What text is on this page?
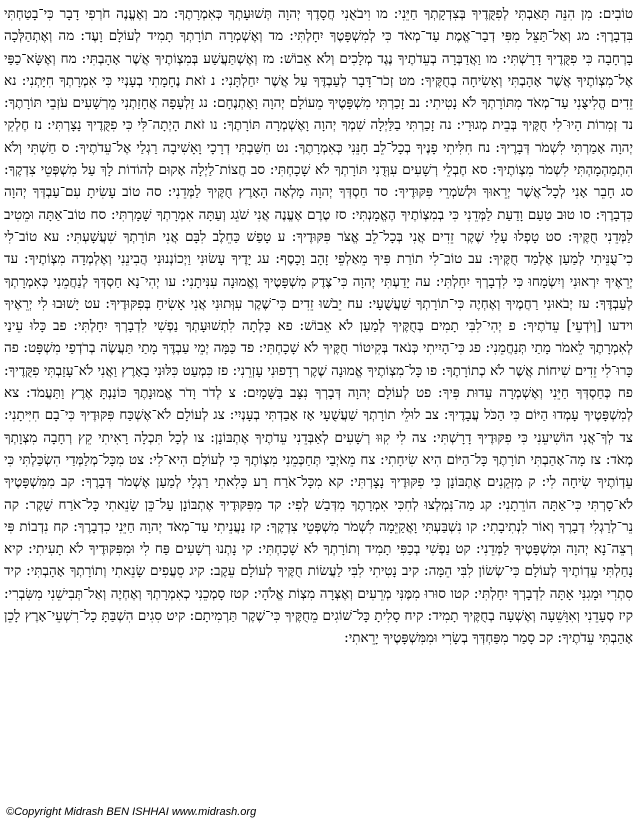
טוֹבִים: מִן הִנֵּה תָּאַבְתִּי לְפִקֻּדֶיךָ בְּצִדְקָתְךָ חַיֵּנִי: מו וִיבֹאֻנִי חֲסָדֶךָ יְהוָה תְּשׁוּעָתְךָ כְּאִמְרָתֶךָ: מב וְאֶעֱנֶה חֹרְפִי דָבָר כִּי־בָטַחְתִּי בִּדְבָרֶךָ: מג וְאַל־תַּצֵּל מִפִּי דְבַר־אֱמֶת עַד־מְאֹד כִּי לְמִשְׁפָּטֶךָ יִחָלְתִּי: מד וְאֶשְׁמְרָה תוֹרָתְךָ תָמִיד לְעוֹלָם וָעֶד: מה וְאֶתְהַלְּכָה בָרְחָבָה כִּי פִקֻּדֶיךָ דָרָשְׁתִּי: מו וַאֲדַבְּרָה בְעֵדֹתֶיךָ נֶגֶד מְלָכִים וְלֹא אֵבוֹשׁ: מז וְאֶשְׁתַּעֲשַׁע בְּמִצְוֹתֶיךָ אֲשֶׁר אָהָבְתִּי: מח וְאֶשָּׂא־כַפַּי אֶל־מִצְוֹתֶיךָ אֲשֶׁר אָהָבְתִּי וְאָשִׂיחָה בְחֻקֶּיךָ: מט זְכֹר־דָּבָר לְעַבְדֶּךָ עַל אֲשֶׁר יִחַלְתָּנִי: נ זֹאת נֶחָמָתִי בְעָנְיִי כִּי אִמְרָתְךָ חִיָּתְנִי: נא זֵדִים הֱלִיצֻנִי עַד־מְאֹד מִתּוֹרָתְךָ לֹא נָטִיתִי: נב זָכַרְתִּי מִשְׁפָּטֶיךָ מֵעוֹלָם יְהוָה וָאֶתְנֶחָם: נג זַלְעָפָה אֲחָזַתְנִי מֵרְשָׁעִים עֹזְבֵי תּוֹרָתֶךָ: נד זְמִרוֹת הָיוּ־לִי חֻקֶּיךָ בְּבֵית מְגוּרָי: נה זָכַרְתִּי בַלַּיְלָה שִׁמְךָ יְהוָה וָאֶשְׁמְרָה תּוֹרָתֶךָ: נו זֹאת הָיְתָה־לִּי כִּי פִקֻּדֶיךָ נָצָרְתִּי: נז חֶלְקִי יְהוָה אָמַרְתִּי לִשְׁמֹר דְּבָרֶיךָ: נח חִלִּיתִי פָנֶיךָ בְכָל־לֵב חָנֵּנִי כְּאִמְרָתֶךָ: נט חִשַּׁבְתִּי דְרָכָי וָאָשִׁיבָה רַגְלַי אֶל־עֵדֹתֶיךָ: ס חַשְׁתִּי וְלֹא הִתְמַהְמָהְתִּי לִשְׁמֹר מִצְוֹתֶיךָ: סא חֶבְלֵי רְשָׁעִים עִוְּדֻנִי תּוֹרָתְךָ לֹא שָׁכָחְתִּי: סב חֲצוֹת־לַיְלָה אָקוּם לְהוֹדוֹת לָךְ עַל מִשְׁפְּטֵי צִדְקֶךָ: סג חָבֵר אָנִי לְכָל־אֲשֶׁר יְרֵאוּךָ וּלְשֹׁמְרֵי פִּקּוּדֶיךָ: סד חַסְדְּךָ יְהוָה מָלְאָה הָאָרֶץ חֻקֶּיךָ לַמְּדֵנִי: סה טוֹב עָשִׂיתָ עִם־עַבְדְּךָ יְהוָה כִּדְבָרֶךָ: סו טוּב טַעַם וָדַעַת לַמְּדֵנִי כִּי בְמִצְוֹתֶיךָ הֶאֱמָנְתִּי: סז טֶרֶם אֶעֱנֶה אֲנִי שֹׁגֵג וְעַתָּה אִמְרָתְךָ שָׁמָרְתִּי: סח טוֹב־אַתָּה וּמֵטִיב לַמְּדֵנִי חֻקֶּיךָ: סט טָפְלוּ עָלַי שֶׁקֶר זֵדִים אֲנִי בְּכָל־לֵב אֱצֹּר פִּקּוּדֶיךָ: ע טָפַשׁ כַּחֵלֶב לִבָּם אֲנִי תּוֹרָתְךָ שִׁעֲשָׁעְתִּי: עא טוֹב־לִי כִי־עֻנֵּיתִי לְמַעַן אֶלְמַד חֻקֶּיךָ: עב טוֹב־לִי תוֹרַת פִּיךָ מֵאַלְפֵי זָהָב וָכָסֶף: עג יָדֶיךָ עָשׂוּנִי וַיְכוֹנְנוּנִי הֲבִינֵנִי וְאֶלְמְדָה מִצְוֹתֶיךָ: עד יְרֵאֶיךָ יִרְאוּנִי וְיִשְׂמָחוּ כִּי לִדְבָרְךָ יִחָלְתִּי: עה יָדַעְתִּי יְהוָה כִּי־צֶדֶק מִשְׁפָּטֶיךָ וֶאֱמוּנָה עִנִּיתָנִי: עו יְהִי־נָא חַסְדְּךָ לְנַחֲמֵנִי כְּאִמְרָתְךָ לְעַבְדֶּךָ: עז יְבֹאוּנִי רַחֲמֶיךָ וְאֶחְיֶה כִּי־תוֹרָתְךָ שַׁעֲשֻׁעָי: עח יֵבֹשׁוּ זֵדִים כִּי־שֶׁקֶר עִוְּתוּנִי אֲנִי אָשִׂיחַ בְּפִקּוּדֶיךָ: עט יָשׁוּבוּ לִי יְרֵאֶיךָ וידעו [וְיֹדְעֵי] עֵדֹתֶיךָ: פ יְהִי־לִבִּי תָמִים בְּחֻקֶּיךָ לְמַעַן לֹא אֵבוֹשׁ: פא כָּלְתָה לִתְשׁוּעָתְךָ נַפְשִׁי לִדְבָרְךָ יִחָלְתִּי: פב כָּלוּ עֵינַי לְאִמְרָתֶךָ לֵאמֹר מָתַי תְּנַחֲמֵנִי: פג כִּי־הָיִיתִי כְּנֹאד בְּקִיטוֹר חֻקֶּיךָ לֹא שָׁכָחְתִּי: פד כַּמָּה יְמֵי עַבְדֶּךָ מָתַי תַּעֲשֶׂה בְרֹדְפַי מִשְׁפָּט: פה כָּרוּ־לִי זֵדִים שִׁיחוֹת אֲשֶׁר לֹא כְתוֹרָתֶךָ: פו כָּל־מִצְוֹתֶיךָ אֱמוּנָה שֶׁקֶר רְדָפוּנִי עָזְרֵנִי: פז כִּמְעַט כִּלּוּנִי בָאָרֶץ וַאֲנִי לֹא־עָזַבְתִּי פִקֻּדֶיךָ: פח כְּחַסְדְּךָ חַיֵּנִי וְאֶשְׁמְרָה עֵדוּת פִּיךָ: פט לְעוֹלָם יְהוָה דְּבָרְךָ נִצָּב בַּשָּׁמָיִם: צ לְדֹר וָדֹר אֱמוּנָתֶךָ כּוֹנַנְתָּ אֶרֶץ וַתַּעֲמֹד: צא לְמִשְׁפָּטֶיךָ עָמְדוּ הַיּוֹם כִּי הַכֹּל עֲבָדֶיךָ: צב לוּלֵי תוֹרָתְךָ שַׁעֲשֻׁעָי אָז אָבַדְתִּי בְעָנְיִי: צג לְעוֹלָם לֹא־אֶשְׁכַּח פִּקּוּדֶיךָ כִּי־בָם חִיִּיתָנִי: צד לְךָ־אֲנִי הוֹשִׁיעֵנִי כִּי פִקּוּדֶיךָ דָרָשְׁתִּי: צה לִי קִוּוּ רְשָׁעִים לְאַבְּדֵנִי עֵדֹתֶיךָ אֶתְבּוֹנָן: צו לְכָל תִּכְלָה רָאִיתִי קֵץ רְחָבָה מִצְוָתְךָ מְאֹד: צז מָה־אָהַבְתִּי תוֹרָתֶךָ כָּל־הַיּוֹם הִיא שִׂיחָתִי: צח מֵאֹיְבַי תְּחַכְּמֵנִי מִצְוֹתֶךָ כִּי לְעוֹלָם הִיא־לִי: צט מִכָּל־מְלַמְּדַי הִשְׂכַּלְתִּי כִּי עֵדְוֹתֶיךָ שִׂיחָה לִי: ק מִזְּקֵנִים אֶתְבּוֹנָן כִּי פִקּוּדֶיךָ נָצָרְתִּי: קא מִכָּל־אֹרַח רָע כָּלִאתִי רַגְלָי לְמַעַן אֶשְׁמֹר דְּבָרֶךָ: קב מִמִּשְׁפָּטֶיךָ לֹא־סָרְתִּי כִּי־אַתָּה הוֹרֵתָנִי: קג מַה־נִּמְלְצוּ לְחִכִּי אִמְרָתֶךָ מִדְּבַשׁ לְפִי: קד מִפִּקּוּדֶיךָ אֶתְבּוֹנָן עַל־כֵּן שָׂנֵאתִי כָּל־אֹרַח שָׁקֶר: קה נֵר־לְרַגְלִי דְבָרֶךָ וְאוֹר לִנְתִיבָתִי: קו נִשְׁבַּעְתִּי וָאֲקַיֵּמָה לִשְׁמֹר מִשְׁפְּטֵי צִדְקֶךָ: קז נַעֲנֵיתִי עַד־מְאֹד יְהוָה חַיֵּנִי כִדְבָרֶךָ: קח נִדְבוֹת פִּי רְצֵה־נָא יְהוָה וּמִשְׁפָּטֶיךָ לַמְּדֵנִי: קט נַפְשִׁי בְכַפִּי תָמִיד וְתוֹרָתְךָ לֹא שָׁכָחְתִּי: קי נָתְנוּ רְשָׁעִים פַּח לִי וּמִפִּקּוּדֶיךָ לֹא תָעִיתִי: קיא נָחַלְתִּי עֵדְוֹתֶיךָ לְעוֹלָם כִּי־שְׂשׂוֹן לִבִּי הֵמָּה: קיב נָטִיתִי לִבִּי לַעֲשׂוֹת חֻקֶּיךָ לְעוֹלָם עֵקֶב: קיג סֵעֲפִים שָׂנֵאתִי וְתוֹרָתְךָ אָהָבְתִּי: קיד סִתְרִי וּמָגִנִּי אָתָּה לִדְבָרְךָ יִחָלְתִּי: קטו סוּרוּ מִמֶּנִּי מְרֵעִים וְאֶצְּרָה מִצְוֹת אֱלֹהָי: קטז סָמְכֵנִי כְאִמְרָתְךָ וְאֶחְיֶה וְאַל־תְּבִישֵׁנִי מִשִּׂבְרִי: קיז סְעָדֵנִי וְאִוָּשֵׁעָה וְאֶשְׁעָה בְחֻקֶּיךָ תָמִיד: קיח סָלִיתָ כָּל־שׁוֹגִים מֵחֻקֶּיךָ כִּי־שֶׁקֶר תַּרְמִיתָם: קיט סִגִים הִשְׁבַּתָּ כָל־רִשְׁעֵי־אָרֶץ לָכֵן אָהַבְתִּי עֵדֹתֶיךָ: קכ סָמַר מִפַּחְדְּךָ בְשָׂרִי וּמִמִּשְׁפָּטֶיךָ יָרֵאתִי:
©Copyright Midrash BEN ISHHAI www.midrash.org
